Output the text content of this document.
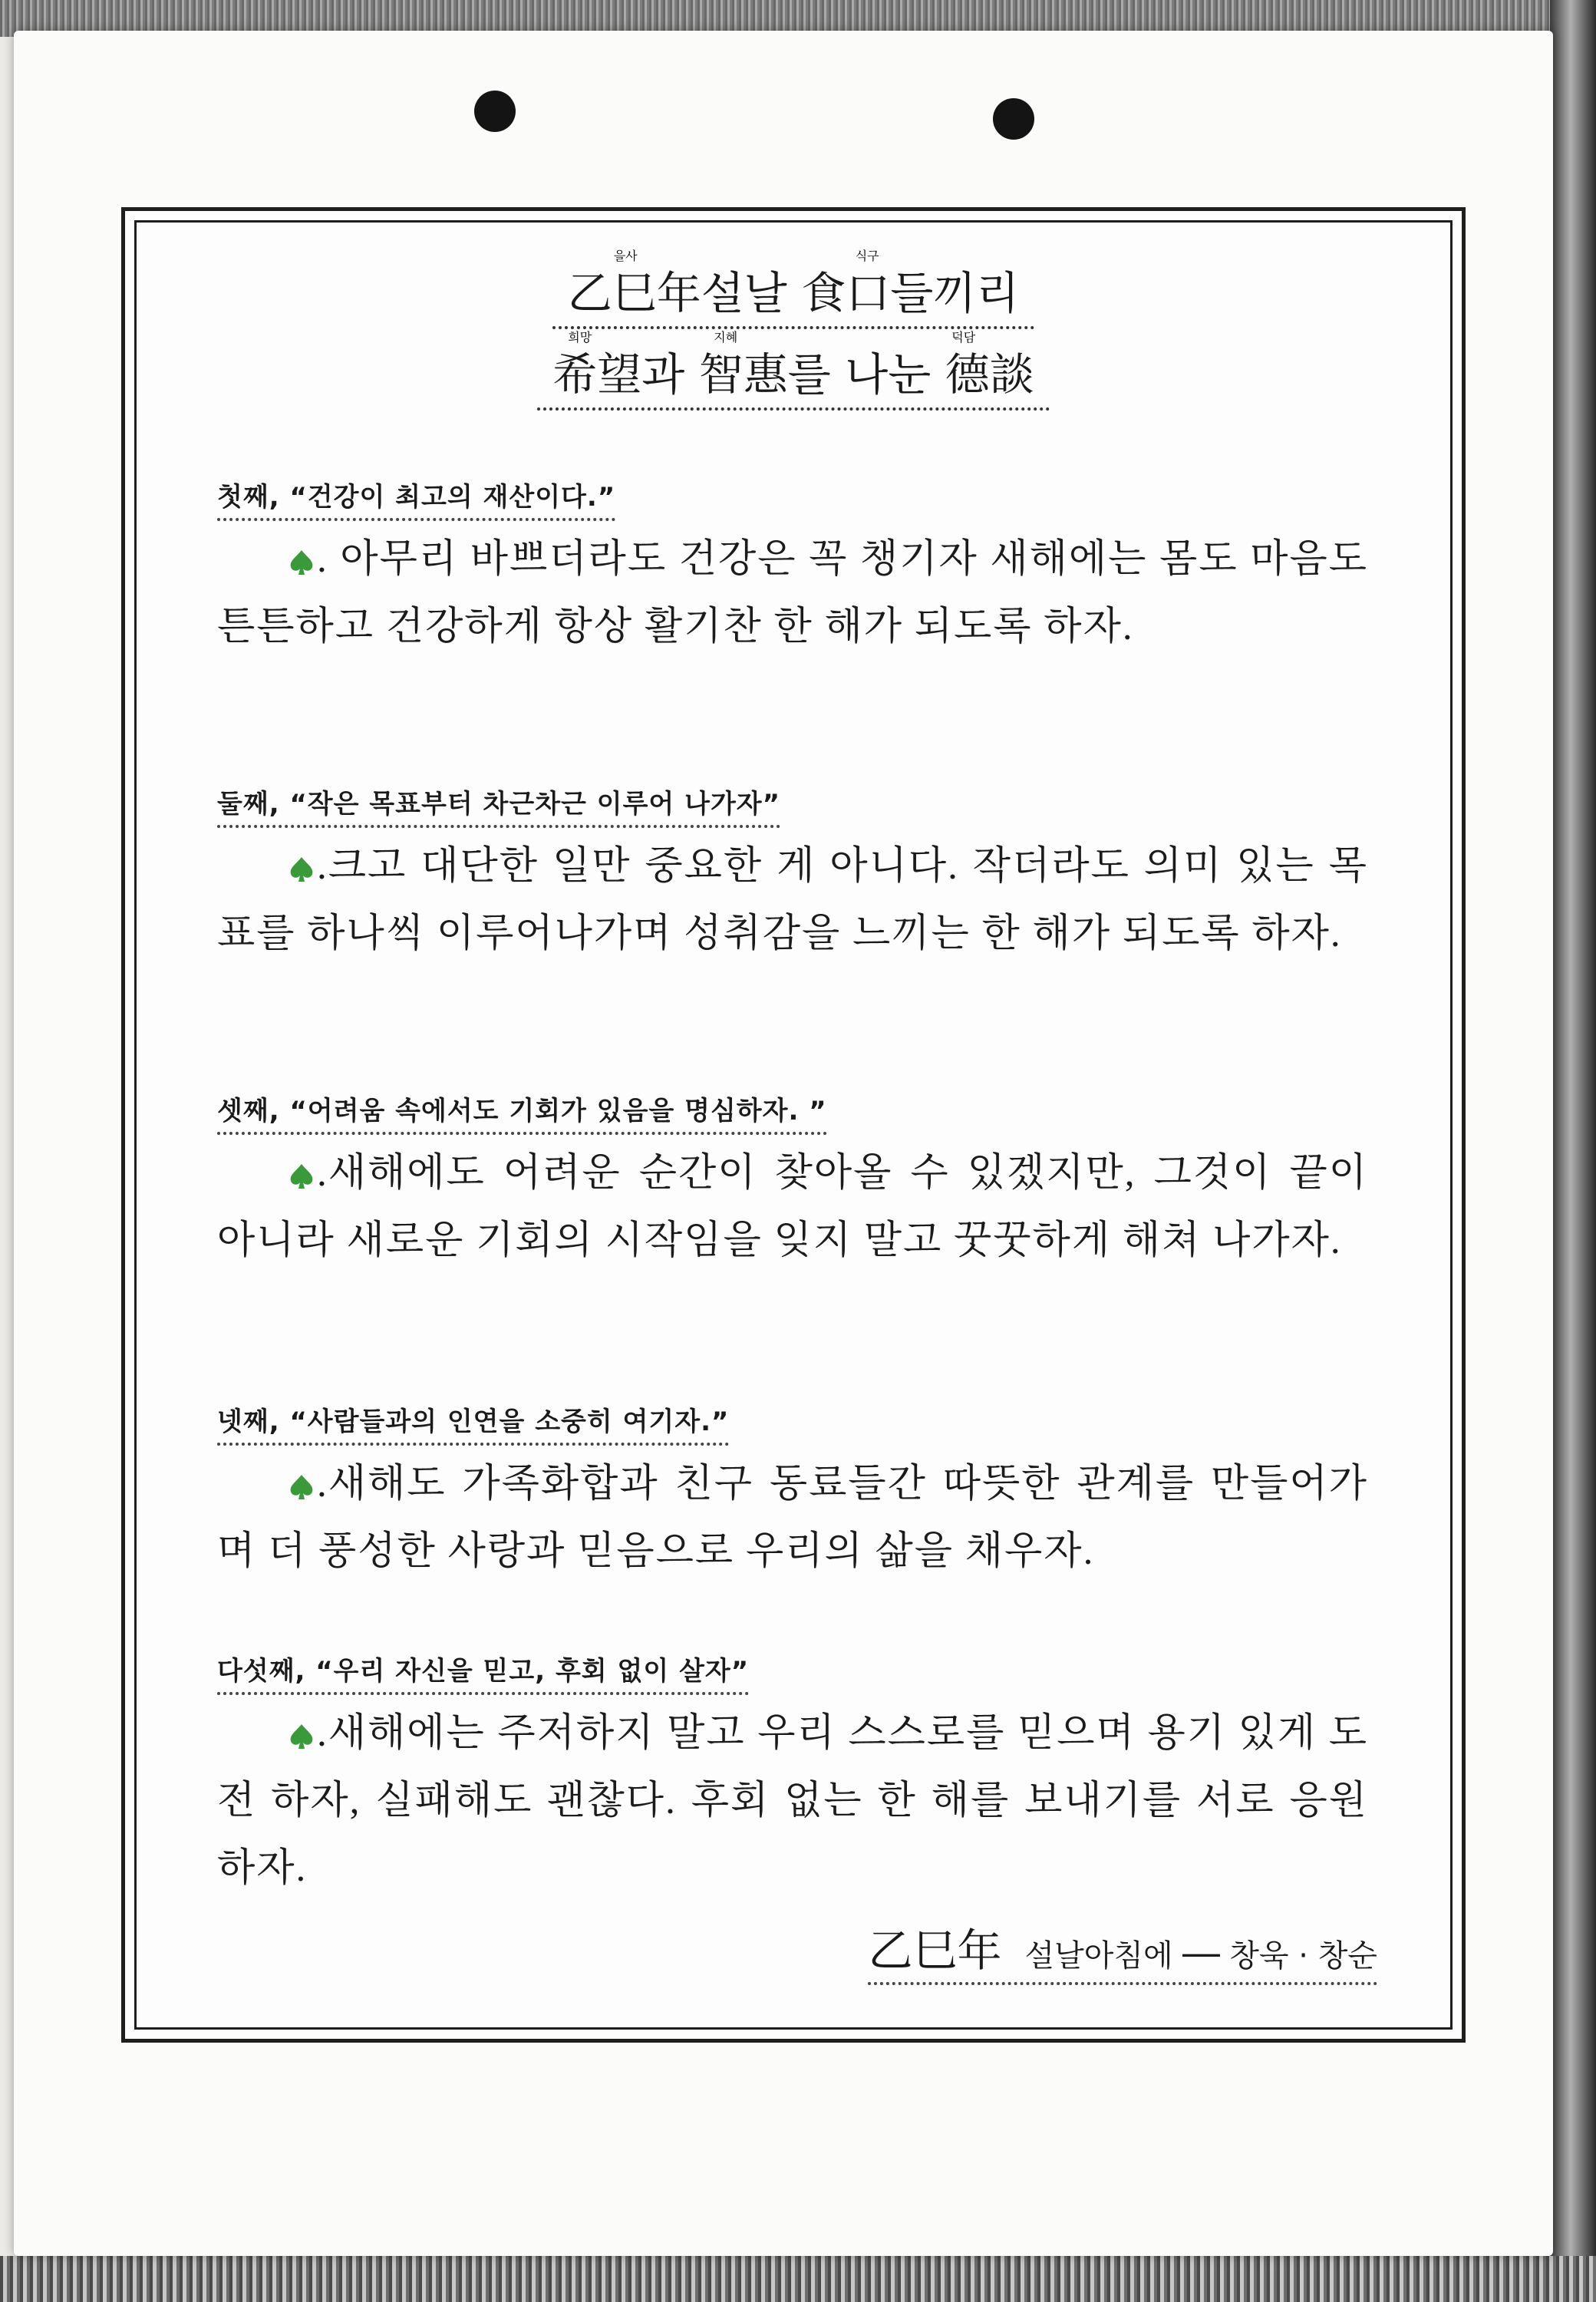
을사	식구
乙巳年설날 食口들끼리

희망	지혜	덕담
希望과 智惠를 나눈 德談
첫째, “건강이 최고의 재산이다.”
. 아무리 바쁘더라도 건강은 꼭 챙기자 새해에는 몸도 마음도 튼튼하고 건강하게 항상 활기찬 한 해가 되도록 하자.
둘째, “작은 목표부터 차근차근 이루어 나가자”
.크고 대단한 일만 중요한 게 아니다. 작더라도 의미 있는 목표를 하나씩 이루어나가며 성취감을 느끼는 한 해가 되도록 하자.
셋째, “어려움 속에서도 기회가 있음을 명심하자. ”
.새해에도 어려운 순간이 찾아올 수 있겠지만, 그것이 끝이 아니라 새로운 기회의 시작임을 잊지 말고 꿋꿋하게 해쳐 나가자.
넷째, “사람들과의 인연을 소중히 여기자.”
.새해도 가족화합과 친구 동료들간 따뜻한 관계를 만들어가며 더 풍성한 사랑과 믿음으로 우리의 삶을 채우자.
다섯째, “우리 자신을 믿고, 후회 없이 살자”
.새해에는 주저하지 말고 우리 스스로를 믿으며 용기 있게 도전 하자, 실패해도 괜찮다. 후회 없는 한 해를 보내기를 서로 응원하자.
乙巳年 설날아침에 ── 창욱 · 창순
